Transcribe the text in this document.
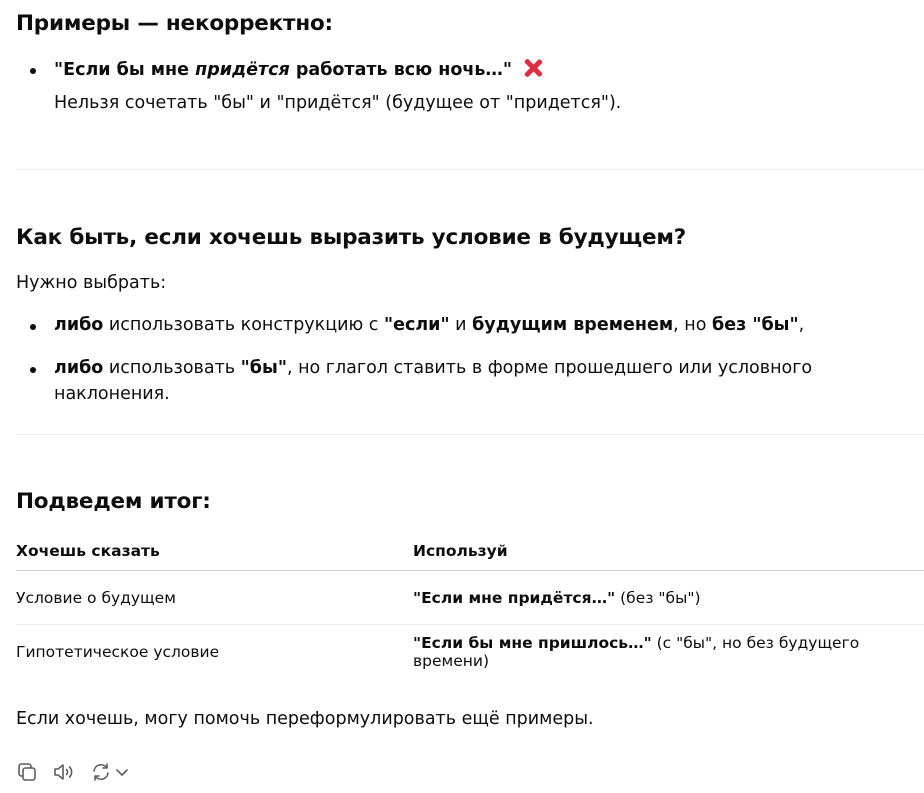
Примеры — некорректно:
"Если бы мне придётся работать всю ночь…"
Нельзя сочетать "бы" и "придётся" (будущее от "придется").
Как быть, если хочешь выразить условие в будущем?

Нужно выбрать:

либо использовать конструкцию с "если" и будущим временем, но без "бы",
либо использовать "бы", но глагол ставить в форме прошедшего или условного наклонения.
Подведем итог:
Хочешь сказать	Используй
Условие о будущем	"Если мне придётся…" (без "бы")
Гипотетическое условие	"Если бы мне пришлось…" (с "бы", но без будущего времени)

Если хочешь, могу помочь переформулировать ещё примеры.
